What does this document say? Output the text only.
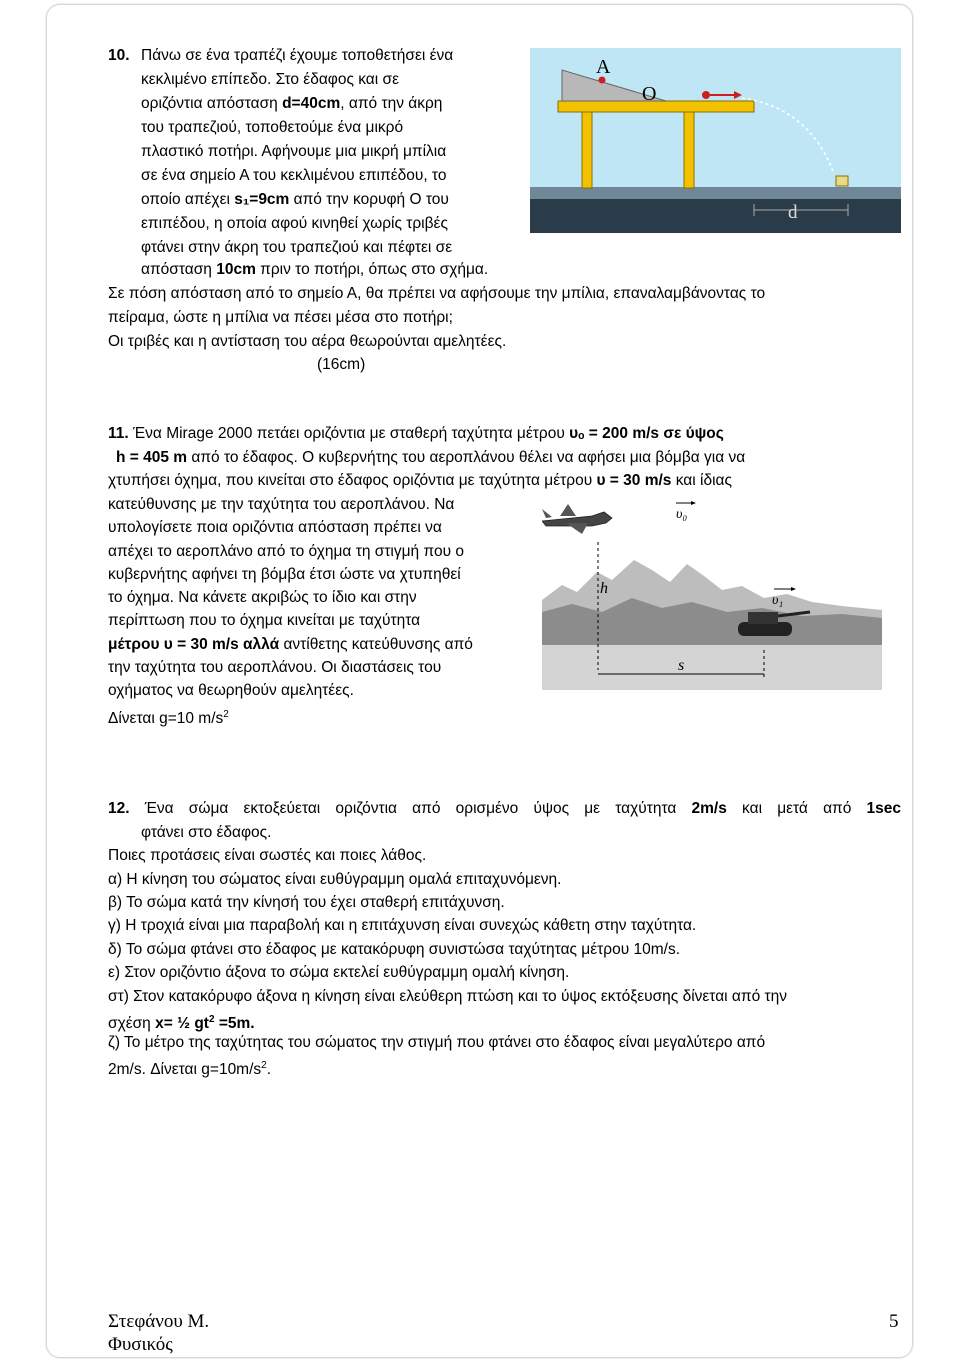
10. Πάνω σε ένα τραπέζι έχουμε τοποθετήσει ένα
κεκλιμένο επίπεδο. Στο έδαφος και σε
οριζόντια απόσταση d=40cm, από την άκρη
του τραπεζιού, τοποθετούμε ένα μικρό
πλαστικό ποτήρι. Αφήνουμε μια μικρή μπίλια
σε ένα σημείο Α του κεκλιμένου επιπέδου, το
οποίο απέχει s₁=9cm από την κορυφή Ο του
επιπέδου, η οποία αφού κινηθεί χωρίς τριβές
φτάνει στην άκρη του τραπεζιού και πέφτει σε
απόσταση 10cm πριν το ποτήρι, όπως στο σχήμα.
Σε πόση απόσταση από το σημείο Α, θα πρέπει να αφήσουμε την μπίλια, επαναλαμβάνοντας το
πείραμα, ώστε η μπίλια να πέσει μέσα στο ποτήρι;
Οι τριβές και η αντίσταση του αέρα θεωρούνται αμελητέες.
(16cm)
d
A
O
11. Ένα Mirage 2000 πετάει οριζόντια με σταθερή ταχύτητα μέτρου υₒ = 200 m/s σε ύψος
h = 405 m από το έδαφος. Ο κυβερνήτης του αεροπλάνου θέλει να αφήσει μια βόμβα για να
χτυπήσει όχημα, που κινείται στο έδαφος οριζόντια με ταχύτητα μέτρου υ = 30 m/s και ίδιας
κατεύθυνσης με την ταχύτητα του αεροπλάνου. Να
υπολογίσετε ποια οριζόντια απόσταση πρέπει να
απέχει το αεροπλάνο από το όχημα τη στιγμή που ο
κυβερνήτης αφήνει τη βόμβα έτσι ώστε να χτυπηθεί
το όχημα. Να κάνετε ακριβώς το ίδιο και στην
περίπτωση που το όχημα κινείται με ταχύτητα
μέτρου υ = 30 m/s αλλά αντίθετης κατεύθυνσης από
την ταχύτητα του αεροπλάνου. Οι διαστάσεις του
οχήματος να θεωρηθούν αμελητέες.
Δίνεται g=10 $m/s^2$
υ₀
h
υ₁
s
12. Ένα σώμα εκτοξεύεται οριζόντια από ορισμένο ύψος με ταχύτητα 2m/s και μετά από 1sec
φτάνει στο έδαφος.
Ποιες προτάσεις είναι σωστές και ποιες λάθος.
α) Η κίνηση του σώματος είναι ευθύγραμμη ομαλά επιταχυνόμενη.
β) Το σώμα κατά την κίνησή του έχει σταθερή επιτάχυνση.
γ) Η τροχιά είναι μια παραβολή και η επιτάχυνση είναι συνεχώς κάθετη στην ταχύτητα.
δ) Το σώμα φτάνει στο έδαφος με κατακόρυφη συνιστώσα ταχύτητας μέτρου 10m/s.
ε) Στον οριζόντιο άξονα το σώμα εκτελεί ευθύγραμμη ομαλή κίνηση.
στ) Στον κατακόρυφο άξονα η κίνηση είναι ελεύθερη πτώση και το ύψος εκτόξευσης δίνεται από την
σχέση x= ½ $gt^2 =5m$.
ζ) Το μέτρο της ταχύτητας του σώματος την στιγμή που φτάνει στο έδαφος είναι μεγαλύτερο από
2m/s. Δίνεται $g=10m/s^2$.
Στεφάνου Μ.
Φυσικός
5
